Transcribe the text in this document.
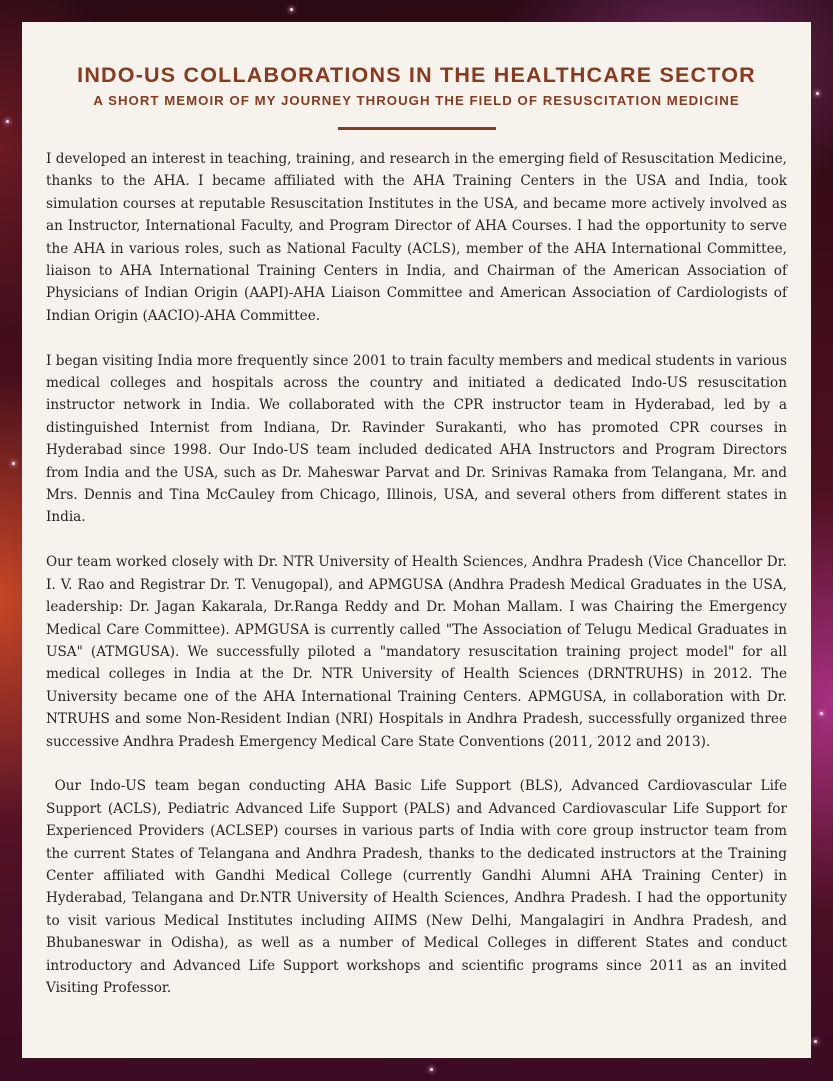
INDO-US COLLABORATIONS IN THE HEALTHCARE SECTOR
A SHORT MEMOIR OF MY JOURNEY THROUGH THE FIELD OF RESUSCITATION MEDICINE

I developed an interest in teaching, training, and research in the emerging field of Resuscitation Medicine, thanks to the AHA. I became affiliated with the AHA Training Centers in the USA and India, took simulation courses at reputable Resuscitation Institutes in the USA, and became more actively involved as an Instructor, International Faculty, and Program Director of AHA Courses. I had the opportunity to serve the AHA in various roles, such as National Faculty (ACLS), member of the AHA International Committee, liaison to AHA International Training Centers in India, and Chairman of the American Association of Physicians of Indian Origin (AAPI)-AHA Liaison Committee and American Association of Cardiologists of Indian Origin (AACIO)-AHA Committee.

I began visiting India more frequently since 2001 to train faculty members and medical students in various medical colleges and hospitals across the country and initiated a dedicated Indo-US resuscitation instructor network in India. We collaborated with the CPR instructor team in Hyderabad, led by a distinguished Internist from Indiana, Dr. Ravinder Surakanti, who has promoted CPR courses in Hyderabad since 1998. Our Indo-US team included dedicated AHA Instructors and Program Directors from India and the USA, such as Dr. Maheswar Parvat and Dr. Srinivas Ramaka from Telangana, Mr. and Mrs. Dennis and Tina McCauley from Chicago, Illinois, USA, and several others from different states in India.

Our team worked closely with Dr. NTR University of Health Sciences, Andhra Pradesh (Vice Chancellor Dr. I. V. Rao and Registrar Dr. T. Venugopal), and APMGUSA (Andhra Pradesh Medical Graduates in the USA, leadership: Dr. Jagan Kakarala, Dr.Ranga Reddy and Dr. Mohan Mallam. I was Chairing the Emergency Medical Care Committee). APMGUSA is currently called "The Association of Telugu Medical Graduates in USA" (ATMGUSA). We successfully piloted a "mandatory resuscitation training project model" for all medical colleges in India at the Dr. NTR University of Health Sciences (DRNTRUHS) in 2012. The University became one of the AHA International Training Centers. APMGUSA, in collaboration with Dr. NTRUHS and some Non-Resident Indian (NRI) Hospitals in Andhra Pradesh, successfully organized three successive Andhra Pradesh Emergency Medical Care State Conventions (2011, 2012 and 2013).

Our Indo-US team began conducting AHA Basic Life Support (BLS), Advanced Cardiovascular Life Support (ACLS), Pediatric Advanced Life Support (PALS) and Advanced Cardiovascular Life Support for Experienced Providers (ACLSEP) courses in various parts of India with core group instructor team from the current States of Telangana and Andhra Pradesh, thanks to the dedicated instructors at the Training Center affiliated with Gandhi Medical College (currently Gandhi Alumni AHA Training Center) in Hyderabad, Telangana and Dr.NTR University of Health Sciences, Andhra Pradesh. I had the opportunity to visit various Medical Institutes including AIIMS (New Delhi, Mangalagiri in Andhra Pradesh, and Bhubaneswar in Odisha), as well as a number of Medical Colleges in different States and conduct introductory and Advanced Life Support workshops and scientific programs since 2011 as an invited Visiting Professor.
